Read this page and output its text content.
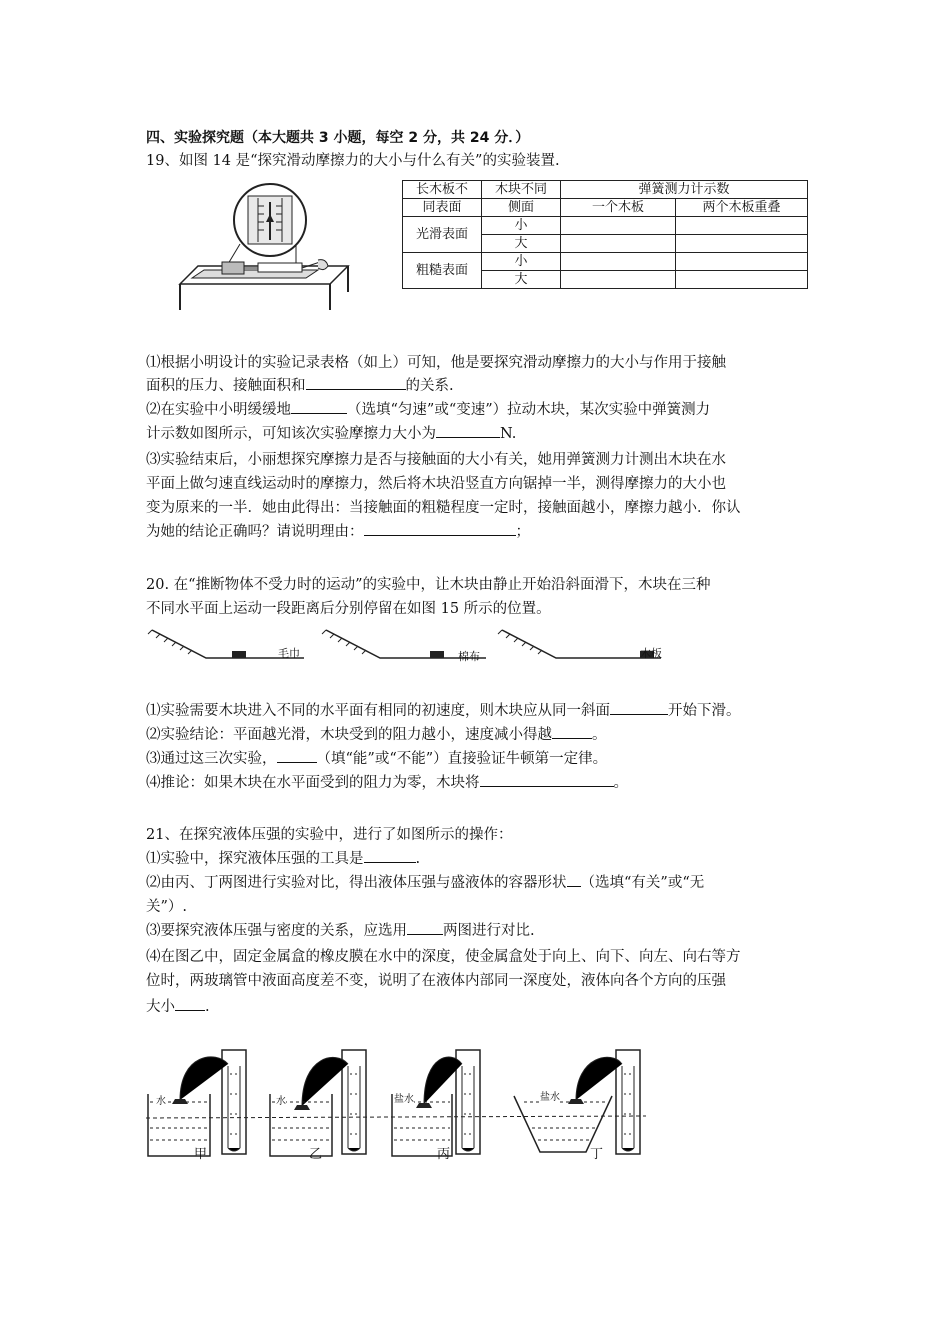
四、实验探究题（本大题共 3 小题，每空 2 分，共 24 分．）
19、如图 14 是“探究滑动摩擦力的大小与什么有关”的实验装置.
长木板不	木块不同	弹簧测力计示数	
同表面	侧面	一个木板	两个木板重叠
光滑表面	小		
	大		
粗糙表面	小		
	大		
⑴根据小明设计的实验记录表格（如上）可知，他是要探究滑动摩擦力的大小与作用于接触
面积的压力、接触面积和	的关系.
⑵在实验中小明缓缓地	（选填“匀速”或“变速”）拉动木块，某次实验中弹簧测力
计示数如图所示，可知该次实验摩擦力大小为	N.
⑶实验结束后，小丽想探究摩擦力是否与接触面的大小有关，她用弹簧测力计测出木块在水
平面上做匀速直线运动时的摩擦力，然后将木块沿竖直方向锯掉一半，测得摩擦力的大小也
变为原来的一半．她由此得出：当接触面的粗糙程度一定时，接触面越小，摩擦力越小．你认
为她的结论正确吗？请说明理由：	；
20. 在“推断物体不受力时的运动”的实验中，让木块由静止开始沿斜面滑下，木块在三种
不同水平面上运动一段距离后分别停留在如图 15 所示的位置。
毛巾	棉布	木板
⑴实验需要木块进入不同的水平面有相同的初速度，则木块应从同一斜面	开始下滑。
⑵实验结论：平面越光滑，木块受到的阻力越小，速度减小得越	。
⑶通过这三次实验，	（填“能”或“不能”）直接验证牛顿第一定律。
⑷推论：如果木块在水平面受到的阻力为零，木块将	。
21、在探究液体压强的实验中，进行了如图所示的操作：
⑴实验中，探究液体压强的工具是	.
⑵由丙、丁两图进行实验对比，得出液体压强与盛液体的容器形状 （选填“有关”或“无
关”）.
⑶要探究液体压强与密度的关系，应选用 两图进行对比.
⑷在图乙中，固定金属盒的橡皮膜在水中的深度，使金属盒处于向上、向下、向左、向右等方
位时，两玻璃管中液面高度差不变，说明了在液体内部同一深度处，液体向各个方向的压强
大小 .
水	水	盐水	盐水
甲	乙	丙	丁
